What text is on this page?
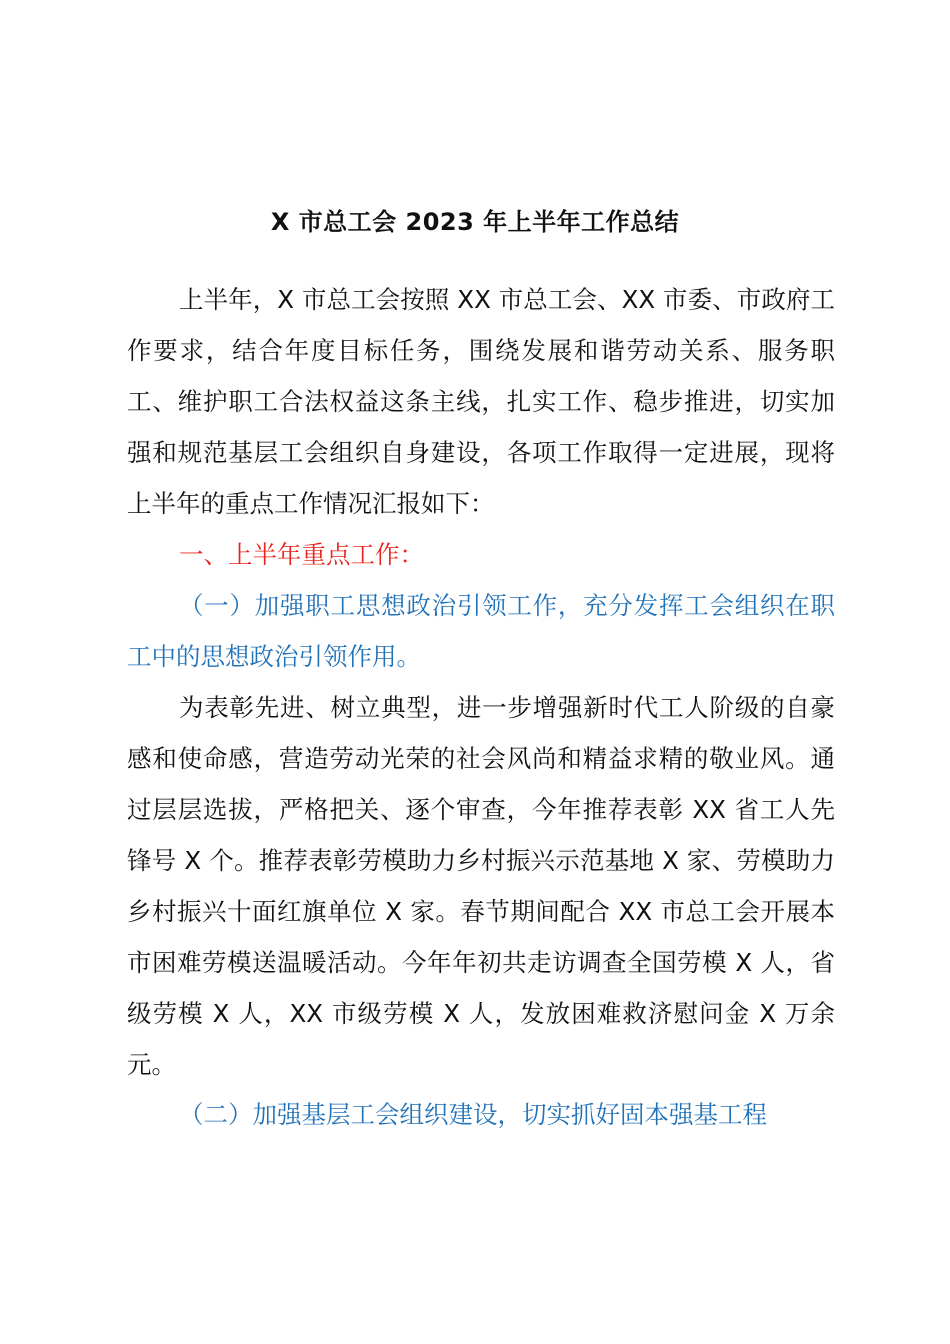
X 市总工会 2023 年上半年工作总结

上半年，X 市总工会按照 XX 市总工会、XX 市委、市政府工作要求，结合年度目标任务，围绕发展和谐劳动关系、服务职工、维护职工合法权益这条主线，扎实工作、稳步推进，切实加强和规范基层工会组织自身建设，各项工作取得一定进展，现将上半年的重点工作情况汇报如下：

一、上半年重点工作：

（一）加强职工思想政治引领工作，充分发挥工会组织在职工中的思想政治引领作用。

为表彰先进、树立典型，进一步增强新时代工人阶级的自豪感和使命感，营造劳动光荣的社会风尚和精益求精的敬业风。通过层层选拔，严格把关、逐个审查，今年推荐表彰 XX 省工人先锋号 X 个。推荐表彰劳模助力乡村振兴示范基地 X 家、劳模助力乡村振兴十面红旗单位 X 家。春节期间配合 XX 市总工会开展本市困难劳模送温暖活动。今年年初共走访调查全国劳模 X 人，省级劳模 X 人，XX 市级劳模 X 人，发放困难救济慰问金 X 万余元。

（二）加强基层工会组织建设，切实抓好固本强基工程
